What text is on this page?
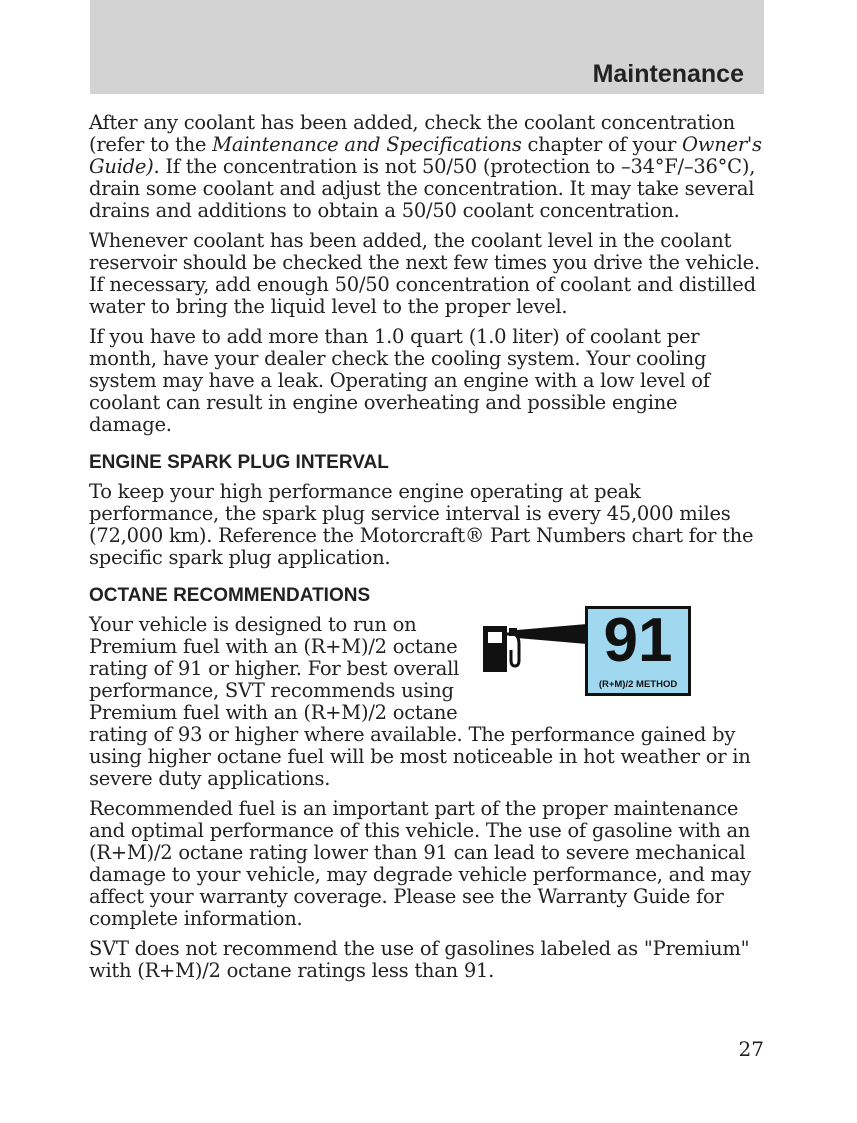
Maintenance

After any coolant has been added, check the coolant concentration (refer to the Maintenance and Specifications chapter of your Owner's Guide). If the concentration is not 50/50 (protection to –34°F/–36°C), drain some coolant and adjust the concentration. It may take several drains and additions to obtain a 50/50 coolant concentration.

Whenever coolant has been added, the coolant level in the coolant reservoir should be checked the next few times you drive the vehicle. If necessary, add enough 50/50 concentration of coolant and distilled water to bring the liquid level to the proper level.

If you have to add more than 1.0 quart (1.0 liter) of coolant per month, have your dealer check the cooling system. Your cooling system may have a leak. Operating an engine with a low level of coolant can result in engine overheating and possible engine damage.

ENGINE SPARK PLUG INTERVAL

To keep your high performance engine operating at peak performance, the spark plug service interval is every 45,000 miles (72,000 km). Reference the Motorcraft® Part Numbers chart for the specific spark plug application.

OCTANE RECOMMENDATIONS
91
(R+M)/2 METHOD

Your vehicle is designed to run on Premium fuel with an (R+M)/2 octane rating of 91 or higher. For best overall performance, SVT recommends using Premium fuel with an (R+M)/2 octane rating of 93 or higher where available. The performance gained by using higher octane fuel will be most noticeable in hot weather or in severe duty applications.

Recommended fuel is an important part of the proper maintenance and optimal performance of this vehicle. The use of gasoline with an (R+M)/2 octane rating lower than 91 can lead to severe mechanical damage to your vehicle, may degrade vehicle performance, and may affect your warranty coverage. Please see the Warranty Guide for complete information.

SVT does not recommend the use of gasolines labeled as "Premium" with (R+M)/2 octane ratings less than 91.

27
